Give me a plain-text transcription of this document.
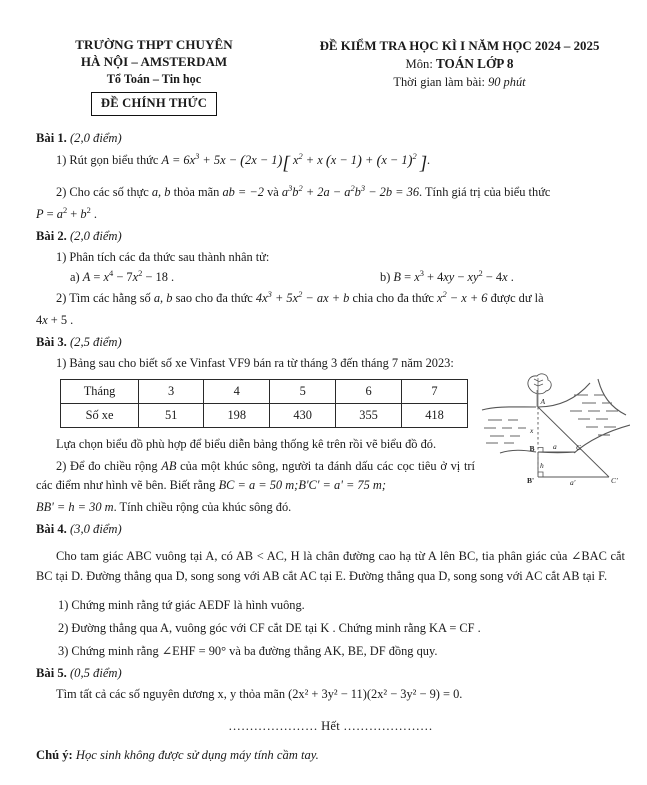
TRƯỜNG THPT CHUYÊN
HÀ NỘI – AMSTERDAM
Tổ Toán – Tin học
ĐỀ CHÍNH THỨC
ĐỀ KIỂM TRA HỌC KÌ I NĂM HỌC 2024 – 2025
Môn: TOÁN LỚP 8
Thời gian làm bài: 90 phút
Bài 1. (2,0 điểm)

1) Rút gọn biểu thức $A = 6x^3 + 5x - (2x - 1)$[ $x^2 + x$ $(x - 1) + (x - 1)^2$ ].

2) Cho các số thực a, b thỏa mãn ab = −2 và $a^3b^2 + 2a - a^2b^3 - 2b = 36$. Tính giá trị của biểu thức

$P = a^2 + b^2$ .

Bài 2. (2,0 điểm)

1) Phân tích các đa thức sau thành nhân tử:

a) $A = x^4 - 7x^2 - 18$ .	b) $B = x^3 + 4xy - xy^2 - 4x$ .

2) Tìm các hằng số a, b sao cho đa thức $4x^3 + 5x^2$ − ax + b chia cho đa thức $x^2 - x + 6$ được dư là

4x + 5 .

Bài 3. (2,5 điểm)

1) Bảng sau cho biết số xe Vinfast VF9 bán ra từ tháng 3 đến tháng 7 năm 2023:

Tháng	3	4	5	6	7
Số xe	51	198	430	355	418

Lựa chọn biểu đồ phù hợp để biểu diễn bảng thống kê trên rồi vẽ biểu đồ đó.

2) Để đo chiều rộng AB của một khúc sông, người ta đánh dấu các cọc tiêu ở vị trí các điểm như hình vẽ bên. Biết rằng BC = a = 50 m;B'C' = a' = 75 m;

BB' = h = 30 m. Tính chiều rộng của khúc sông đó.

Bài 4. (3,0 điểm)

Cho tam giác ABC vuông tại A, có AB < AC, H là chân đường cao hạ từ A lên BC, tia phân giác của ∠BAC cắt BC tại D. Đường thẳng qua D, song song với AB cắt AC tại E. Đường thẳng qua D, song song với AC cắt AB tại F.

1) Chứng minh rằng tứ giác AEDF là hình vuông.

2) Đường thẳng qua A, vuông góc với CF cắt DE tại K . Chứng minh rằng KA = CF .

3) Chứng minh rằng ∠EHF = 90° và ba đường thẳng AK, BE, DF đồng quy.

Bài 5. (0,5 điểm)

Tìm tất cả các số nguyên dương x, y thỏa mãn (2x² + 3y² − 11)(2x² − 3y² − 9) = 0.

………………… Hết …………………
Chú ý: Học sinh không được sử dụng máy tính cầm tay.
A
B	C
B'	C'
a
a'
h
x
